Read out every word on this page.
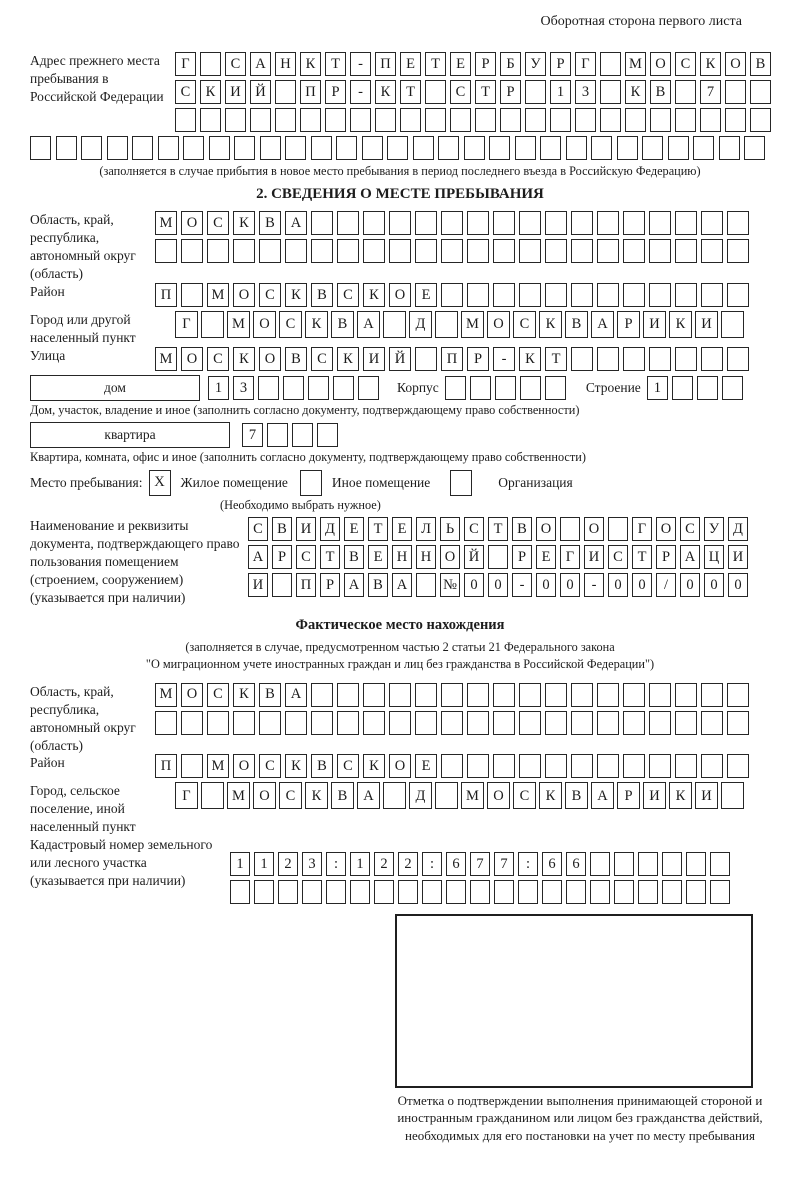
Оборотная сторона первого листа
Адрес прежнего места пребывания в Российской Федерации
Г	С	А	Н	К	Т	-	П	Е	Т	Е	Р	Б	У	Р	Г	М О	С	К	О	В
С	К	И	Й	П	Р	-	К	Т	С	Т	Р	1	3	К	В	7
(заполняется в случае прибытия в новое место пребывания в период последнего въезда в Российскую Федерацию)
2. СВЕДЕНИЯ О МЕСТЕ ПРЕБЫВАНИЯ
Область, край, республика, автономный округ (область)
М О	С	К	В	А
Район	П	М О	С	К	В	С	К	О	Е
Город или другой населенный пункт
Г	М О	С	К	В	А	Д	М О	С	К	В	А	Р	И	К	И
Улица	М О	С	К	О	В	С	К	И	Й	П	Р	-	К	Т
дом	1	3	Корпус	Строение 1
Дом, участок, владение и иное (заполнить согласно документу, подтверждающему право собственности)
квартира	7
Квартира, комната, офис и иное (заполнить согласно документу, подтверждающему право собственности)
Место пребывания: X	Жилое помещение	Иное помещение	Организация
(Необходимо выбрать нужное)
Наименование и реквизиты документа, подтверждающего право пользования помещением (строением, сооружением) (указывается при наличии)
С В И Д	Е	Т	Е	Л	Ь	С	Т	В О	О	Г	О С У Д
А	Р	С	Т	В	Е Н Н О Й	Р	Е	Г	И С	Т	Р	А Ц И
И	П	Р	А В А	№ 0	0	-	0	0	-	0	0	/	0	0	0
Фактическое место нахождения
(заполняется в случае, предусмотренном частью 2 статьи 21 Федерального закона
"О миграционном учете иностранных граждан и лиц без гражданства в Российской Федерации")
Область, край, республика, автономный округ (область)
М О	С	К	В	А
Район	П	М О	С	К	В	С	К	О	Е
Город, сельское поселение, иной населенный пункт
Г	М О	С	К	В	А	Д	М О	С	К	В	А	Р	И	К	И
Кадастровый номер земельного или лесного участка (указывается при наличии)
1	1	2	3	:	1	2	2	:	6	7	7	:	6	6
Отметка о подтверждении выполнения принимающей стороной и иностранным гражданином или лицом без гражданства действий, необходимых для его постановки на учет по месту пребывания
